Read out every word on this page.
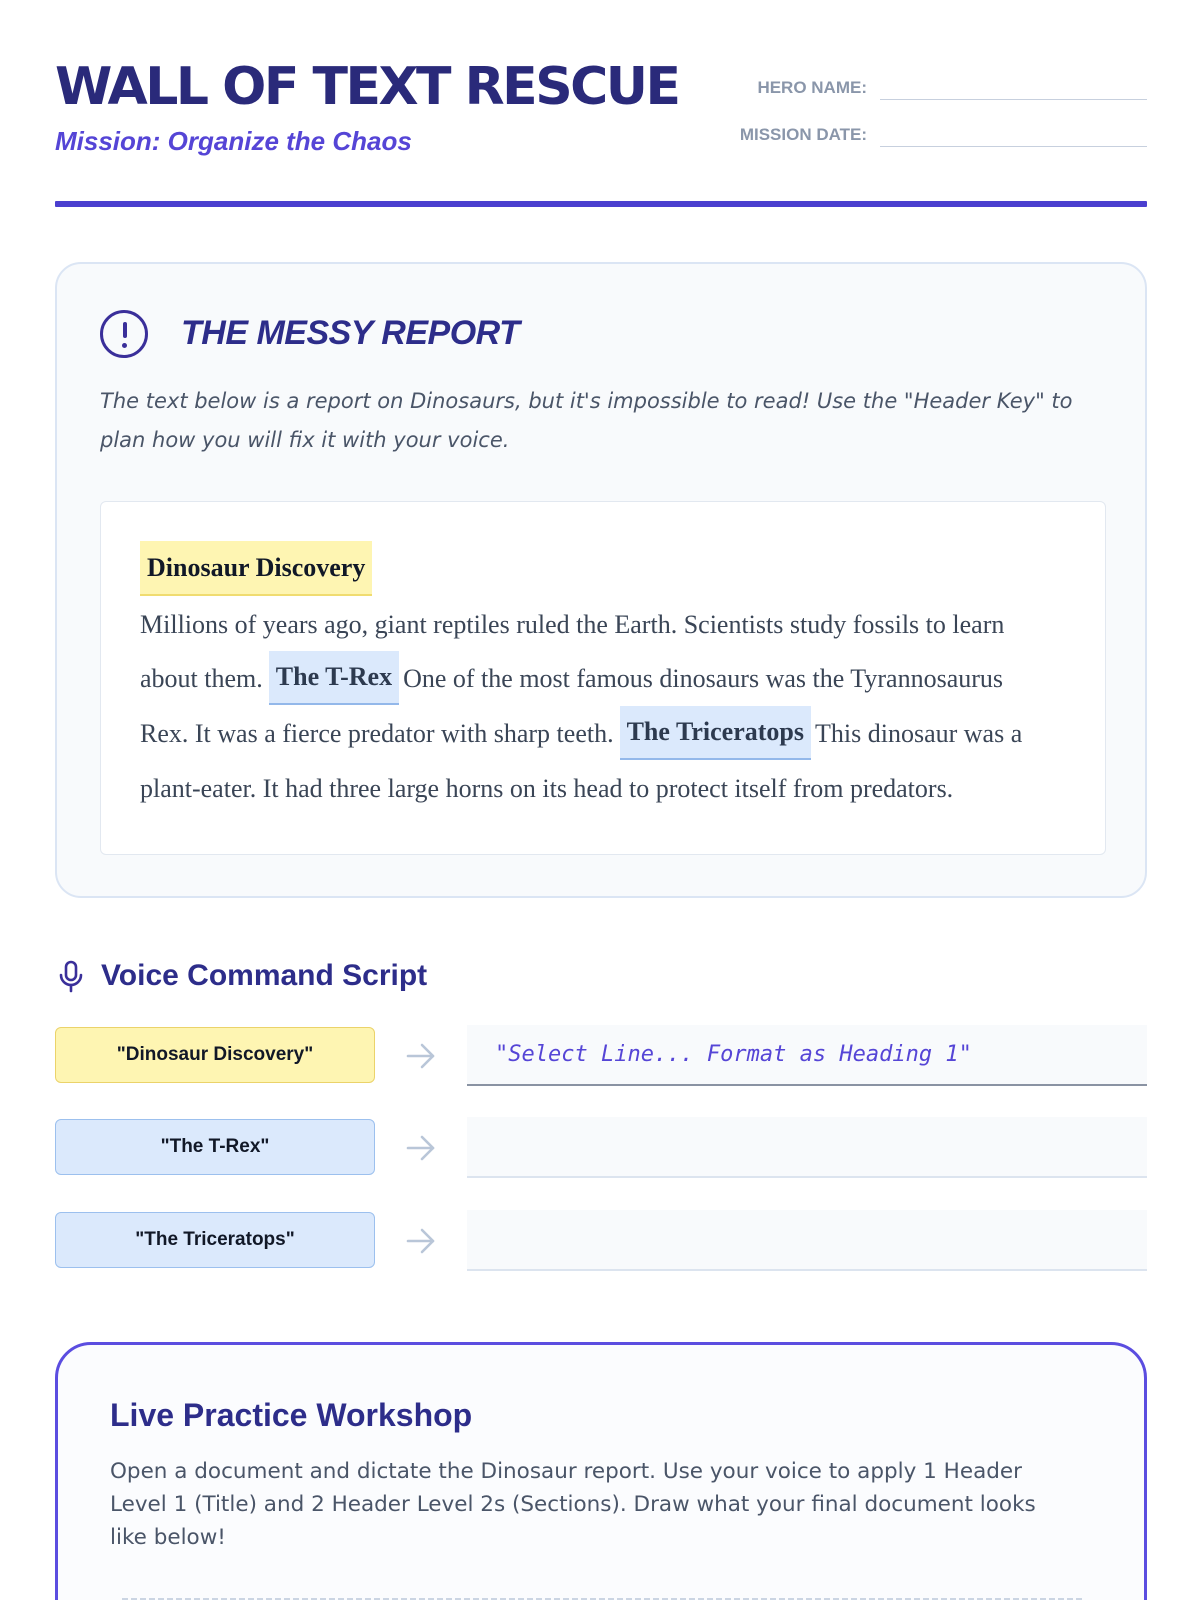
WALL OF TEXT RESCUE
Mission: Organize the Chaos
HERO NAME:
MISSION DATE:
THE MESSY REPORT
The text below is a report on Dinosaurs, but it's impossible to read! Use the "Header Key" to plan how you will fix it with your voice.
Dinosaur Discovery
Millions of years ago, giant reptiles ruled the Earth. Scientists study fossils to learn
about them. The T-Rex One of the most famous dinosaurs was the Tyrannosaurus
Rex. It was a fierce predator with sharp teeth. The Triceratops This dinosaur was a
plant-eater. It had three large horns on its head to protect itself from predators.
Voice Command Script
"Dinosaur Discovery"	"Select Line... Format as Heading 1"
"The T-Rex"
"The Triceratops"
Live Practice Workshop
Open a document and dictate the Dinosaur report. Use your voice to apply 1 Header Level 1 (Title) and 2 Header Level 2s (Sections). Draw what your final document looks like below!
